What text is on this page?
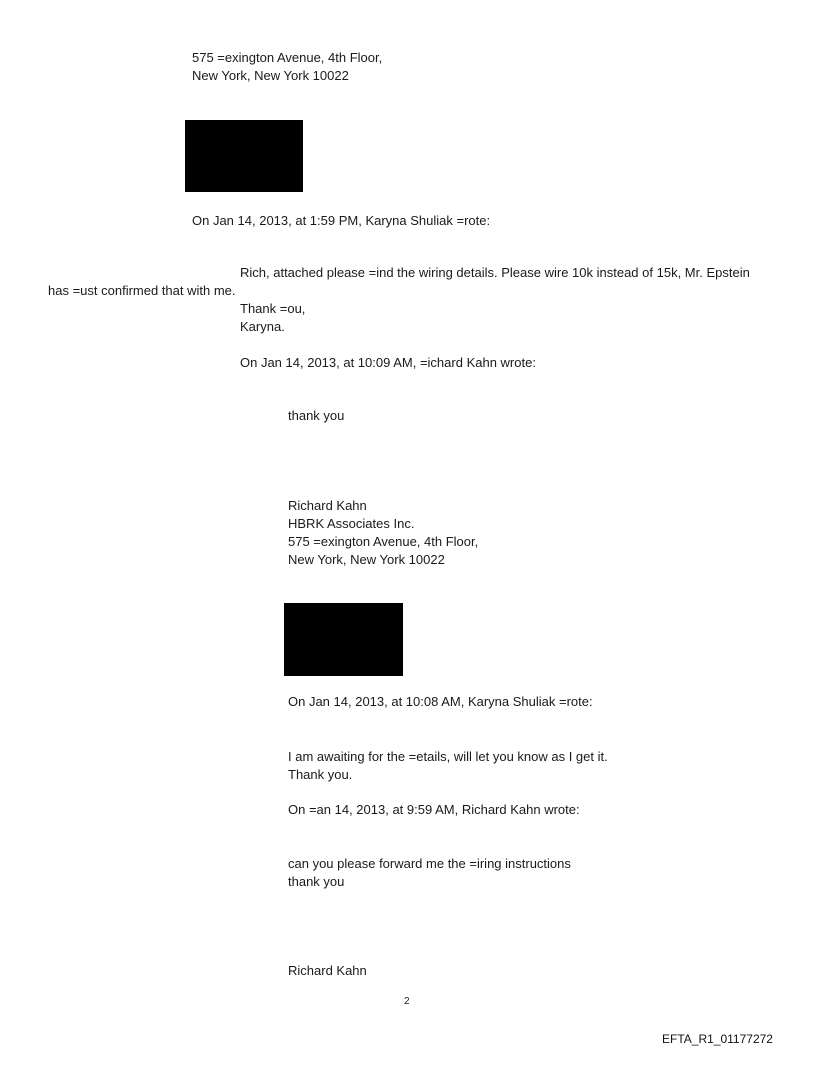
575 =exington Avenue, 4th Floor,
New York, New York 10022
On Jan 14, 2013, at 1:59 PM, Karyna Shuliak =rote:
Rich, attached please =ind the wiring details. Please wire 10k instead of 15k, Mr. Epstein
has =ust confirmed that with me.
Thank =ou,
Karyna.
On Jan 14, 2013, at 10:09 AM, =ichard Kahn wrote:
thank you
Richard Kahn
HBRK Associates Inc.
575 =exington Avenue, 4th Floor,
New York, New York 10022
On Jan 14, 2013, at 10:08 AM, Karyna Shuliak =rote:
I am awaiting for the =etails, will let you know as I get it.
Thank you.
On =an 14, 2013, at 9:59 AM, Richard Kahn wrote:
can you please forward me the =iring instructions
thank you
Richard Kahn
2
EFTA_R1_01177272
